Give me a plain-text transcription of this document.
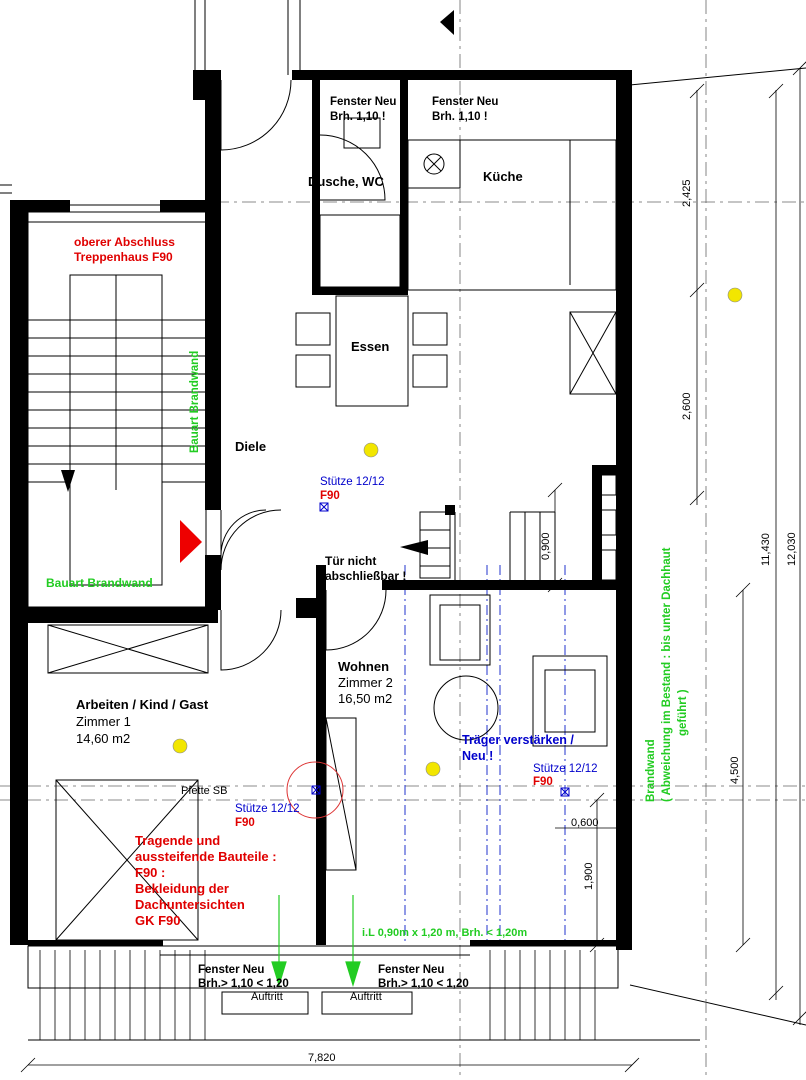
Dusche, WC	Küche
Essen
Diele
Wohnen
Zimmer 2
16,50 m2
Arbeiten / Kind / Gast
Zimmer 1
14,60 m2
Fenster Neu
Brh. 1,10 !
Fenster Neu
Brh. 1,10 !
Fenster Neu
Brh.> 1,10 < 1,20
Fenster Neu
Brh.> 1,10 < 1,20
Auftritt	Auftritt
oberer Abschluss
Treppenhaus F90
Bauart Brandwand
Bauart Brandwand
Tür nicht
abschließbar !
Stütze 12/12
F90
Stütze 12/12
F90
Stütze 12/12
F90
Träger verstärken /
Neu !
Pfette SB
Tragende und
aussteifende Bauteile :
F90 :
Bekleidung der
Dachuntersichten
GK F90
i.L 0,90m x 1,20 m, Brh. < 1,20m
Brandwand ( Abweichung im Bestand : bis unter Dachhaut geführt )
2,425
2,600
0,900	11,430 12,030
4,500
0,600
1,900
7,820
